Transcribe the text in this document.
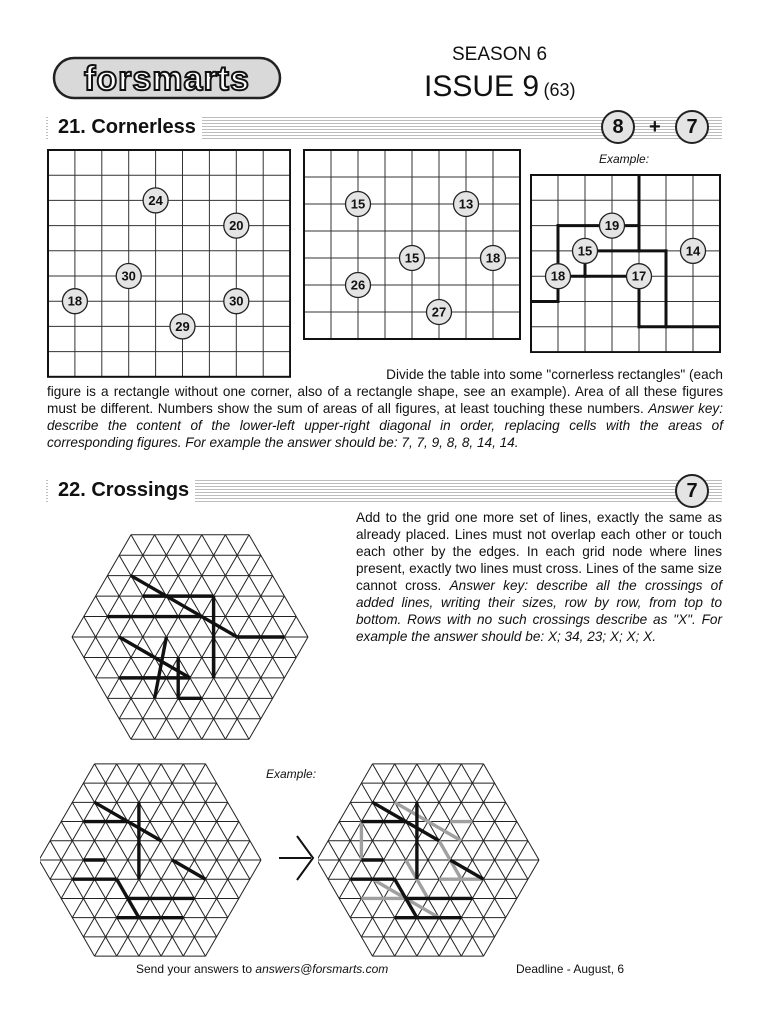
forsmarts
SEASON 6
ISSUE 9 (63)
21. Cornerless	8	+	7
24
20
30
18	30
29
15	13
15	18
26
27
Example:
19
15	14
18	17
Divide the table into some "cornerless rectangles" (each
figure is a rectangle without one corner, also of a rectangle shape, see an example). Area of all these figures must be different. Numbers show the sum of areas of all figures, at least touching these numbers. Answer key: describe the content of the lower-left upper-right diagonal in order, replacing cells with the areas of corresponding figures. For example the answer should be: 7, 7, 9, 8, 8, 14, 14.
22. Crossings	7
Add to the grid one more set of lines, exactly the same as already placed. Lines must not overlap each other or touch each other by the edges. In each grid node where lines present, exactly two lines must cross. Lines of the same size cannot cross. Answer key: describe all the crossings of added lines, writing their sizes, row by row, from top to bottom. Rows with no such crossings describe as "X". For example the answer should be: X; 34, 23; X; X; X.
Example:
Send your answers to answers@forsmarts.com	Deadline - August, 6
